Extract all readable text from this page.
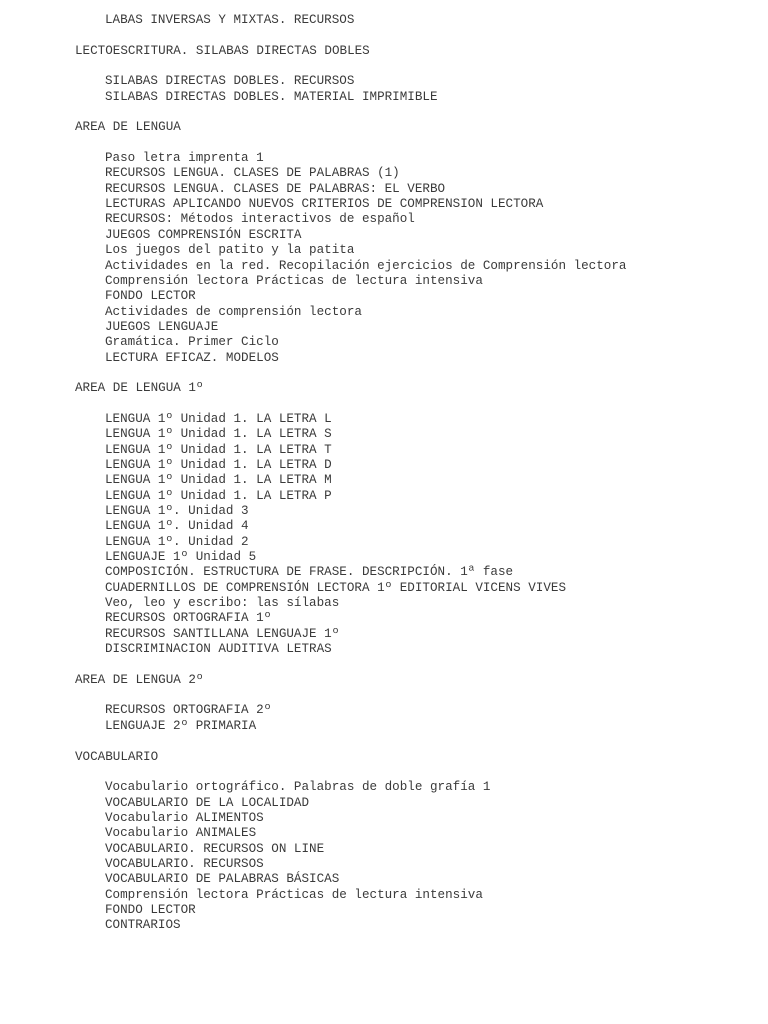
LABAS INVERSAS Y MIXTAS. RECURSOS
LECTOESCRITURA. SILABAS DIRECTAS DOBLES
SILABAS DIRECTAS DOBLES. RECURSOS
SILABAS DIRECTAS DOBLES. MATERIAL IMPRIMIBLE
AREA DE LENGUA
Paso letra imprenta 1
RECURSOS LENGUA. CLASES DE PALABRAS (1)
RECURSOS LENGUA. CLASES DE PALABRAS: EL VERBO
LECTURAS APLICANDO NUEVOS CRITERIOS DE COMPRENSION LECTORA
RECURSOS: Métodos interactivos de español
JUEGOS COMPRENSIÓN ESCRITA
Los juegos del patito y la patita
Actividades en la red. Recopilación ejercicios de Comprensión lectora
Comprensión lectora Prácticas de lectura intensiva
FONDO LECTOR
Actividades de comprensión lectora
JUEGOS LENGUAJE
Gramática. Primer Ciclo
LECTURA EFICAZ. MODELOS
AREA DE LENGUA 1º
LENGUA 1º Unidad 1. LA LETRA L
LENGUA 1º Unidad 1. LA LETRA S
LENGUA 1º Unidad 1. LA LETRA T
LENGUA 1º Unidad 1. LA LETRA D
LENGUA 1º Unidad 1. LA LETRA M
LENGUA 1º Unidad 1. LA LETRA P
LENGUA 1º. Unidad 3
LENGUA 1º. Unidad 4
LENGUA 1º. Unidad 2
LENGUAJE 1º Unidad 5
COMPOSICIÓN. ESTRUCTURA DE FRASE. DESCRIPCIÓN. 1ª fase
CUADERNILLOS DE COMPRENSIÓN LECTORA 1º EDITORIAL VICENS VIVES
Veo, leo y escribo: las sílabas
RECURSOS ORTOGRAFIA 1º
RECURSOS SANTILLANA LENGUAJE 1º
DISCRIMINACION AUDITIVA LETRAS
AREA DE LENGUA 2º
RECURSOS ORTOGRAFIA 2º
LENGUAJE 2º PRIMARIA
VOCABULARIO
Vocabulario ortográfico. Palabras de doble grafía 1
VOCABULARIO DE LA LOCALIDAD
Vocabulario ALIMENTOS
Vocabulario ANIMALES
VOCABULARIO. RECURSOS ON LINE
VOCABULARIO. RECURSOS
VOCABULARIO DE PALABRAS BÁSICAS
Comprensión lectora Prácticas de lectura intensiva
FONDO LECTOR
CONTRARIOS
